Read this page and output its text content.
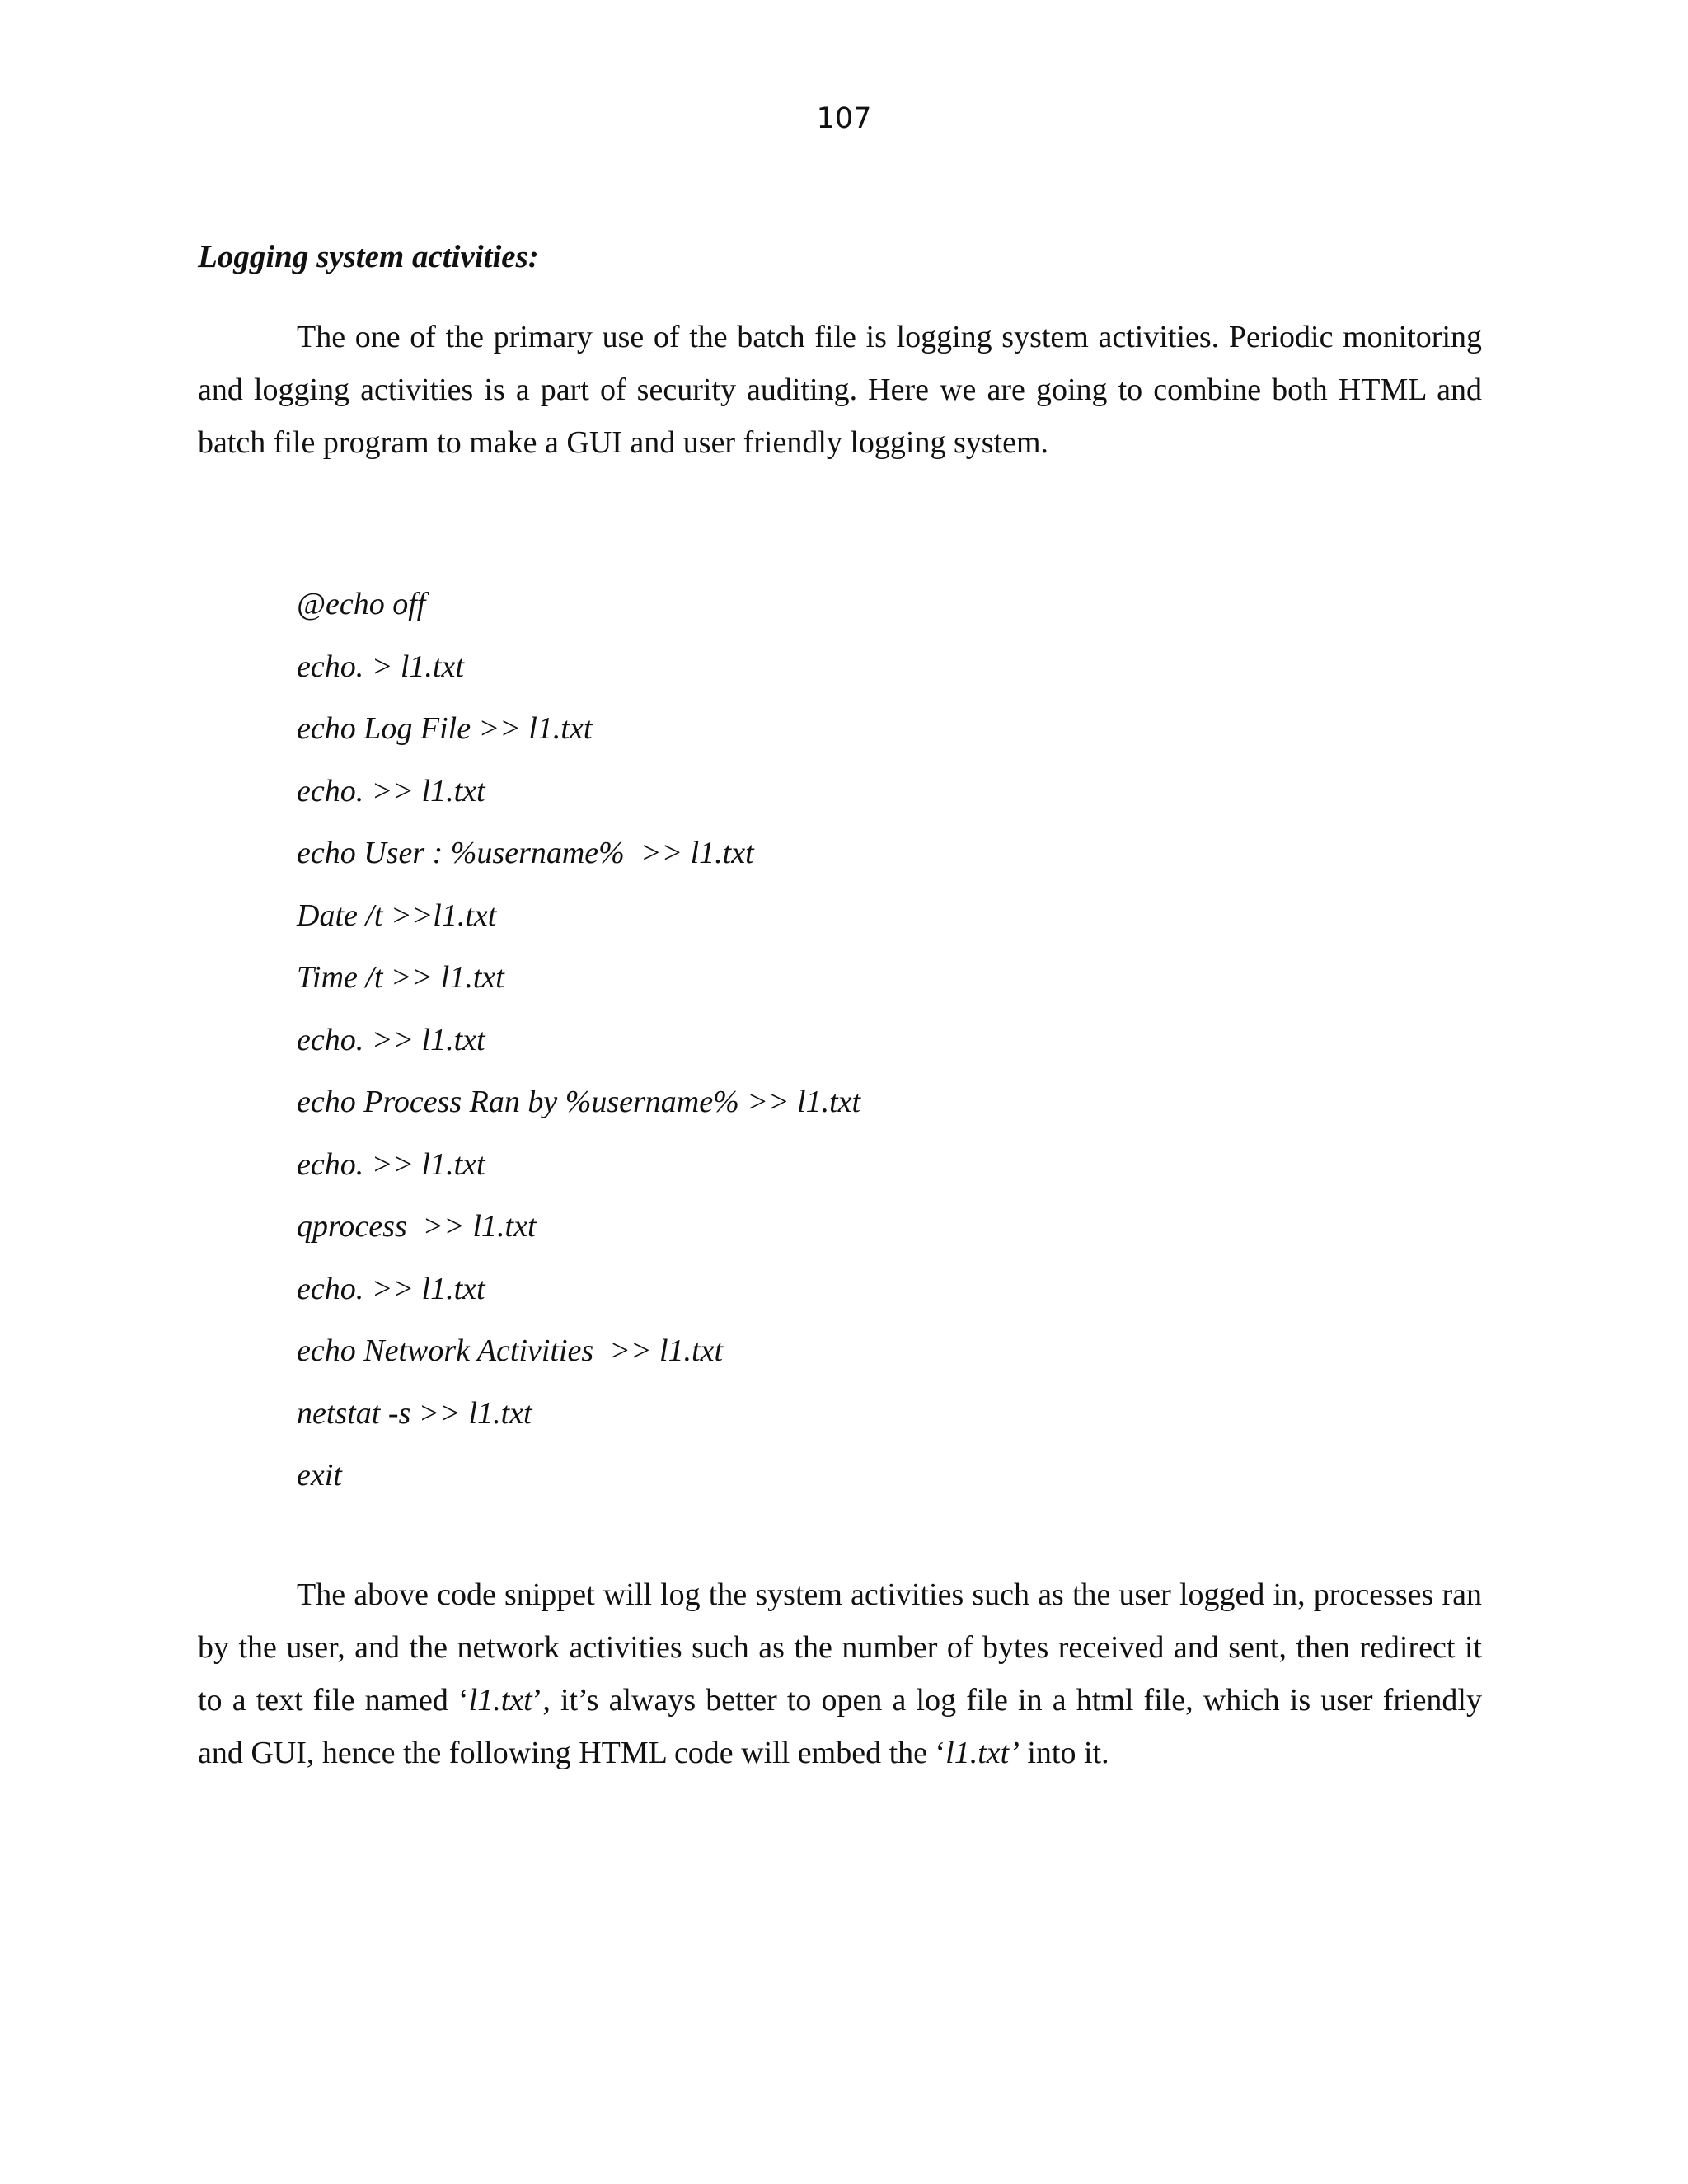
107
Logging system activities:

The one of the primary use of the batch file is logging system activities. Periodic monitoring and logging activities is a part of security auditing. Here we are going to combine both HTML and batch file program to make a GUI and user friendly logging system.

@echo off
echo. > l1.txt
echo Log File >> l1.txt
echo. >> l1.txt
echo User : %username%  >> l1.txt
Date /t >>l1.txt
Time /t >> l1.txt
echo. >> l1.txt
echo Process Ran by %username% >> l1.txt
echo. >> l1.txt
qprocess  >> l1.txt
echo. >> l1.txt
echo Network Activities  >> l1.txt
netstat -s >> l1.txt
exit

The above code snippet will log the system activities such as the user logged in, processes ran by the user, and the network activities such as the number of bytes received and sent, then redirect it to a text file named ‘l1.txt’, it’s always better to open a log file in a html file, which is user friendly and GUI, hence the following HTML code will embed the ‘l1.txt’ into it.
